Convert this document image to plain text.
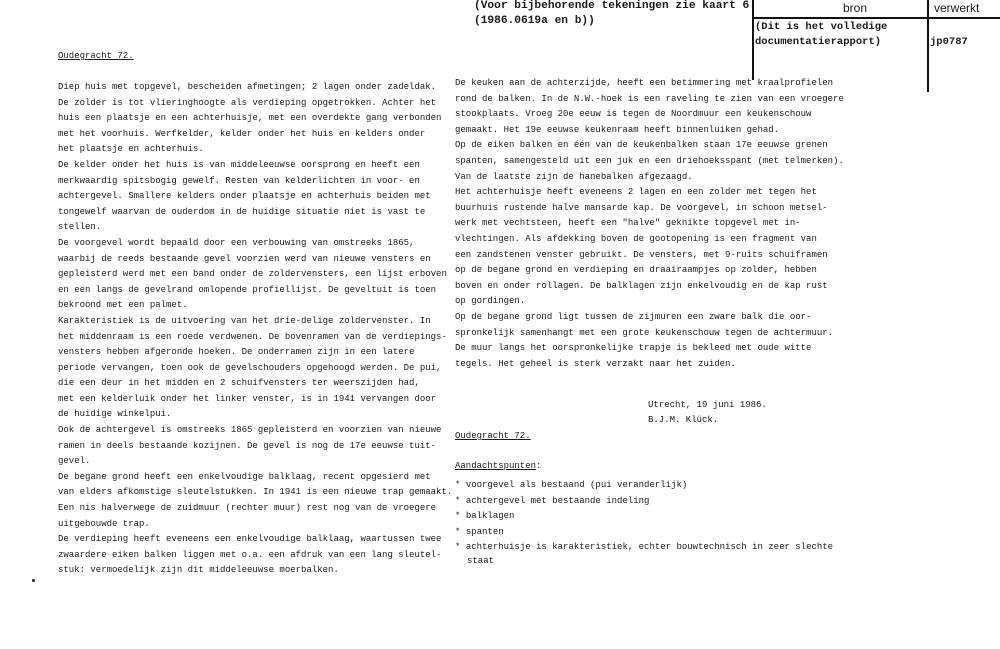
(Voor bijbehorende tekeningen zie kaart 6
(1986.0619a en b))
bron	verwerkt
(Dit is het volledige
documentatierapport)	jp0787
Oudegracht 72.
Diep huis met topgevel, bescheiden afmetingen; 2 lagen onder zadeldak.
De zolder is tot vlieringhoogte als verdieping opgetrokken. Achter het
huis een plaatsje en een achterhuisje, met een overdekte gang verbonden
met het voorhuis. Werfkelder, kelder onder het huis en kelders onder
het plaatsje en achterhuis.
De kelder onder het huis is van middeleeuwse oorsprong en heeft een
merkwaardig spitsbogig gewelf. Resten van kelderlichten in voor- en
achtergevel. Smallere kelders onder plaatsje en achterhuis beiden met
tongewelf waarvan de ouderdom in de huidige situatie niet is vast te
stellen.
De voorgevel wordt bepaald door een verbouwing van omstreeks 1865,
waarbij de reeds bestaande gevel voorzien werd van nieuwe vensters en
gepleisterd werd met een band onder de zoldervensters, een lijst erboven
en een langs de gevelrand omlopende profiellijst. De geveltuit is toen
bekroond met een palmet.
Karakteristiek is de uitvoering van het drie-delige zoldervenster. In
het middenraam is een roede verdwenen. De bovenramen van de verdiepings-
vensters hebben afgeronde hoeken. De onderramen zijn in een latere
periode vervangen, toen ook de gevelschouders opgehoogd werden. De pui,
die een deur in het midden en 2 schuifvensters ter weerszijden had,
met een kelderluik onder het linker venster, is in 1941 vervangen door
de huidige winkelpui.
Ook de achtergevel is omstreeks 1865 gepleisterd en voorzien van nieuwe
ramen in deels bestaande kozijnen. De gevel is nog de 17e eeuwse tuit-
gevel.
De begane grond heeft een enkelvoudige balklaag, recent opgesierd met
van elders afkomstige sleutelstukken. In 1941 is een nieuwe trap gemaakt.
Een nis halverwege de zuidmuur (rechter muur) rest nog van de vroegere
uitgebouwde trap.
De verdieping heeft eveneens een enkelvoudige balklaag, waartussen twee
zwaardere eiken balken liggen met o.a. een afdruk van een lang sleutel-
stuk: vermoedelijk zijn dit middeleeuwse moerbalken.
De keuken aan de achterzijde, heeft een betimmering met kraalprofielen
rond de balken. In de N.W.-hoek is een raveling te zien van een vroegere
stookplaats. Vroeg 20e eeuw is tegen de Noordmuur een keukenschouw
gemaakt. Het 19e eeuwse keukenraam heeft binnenluiken gehad.
Op de eiken balken en één van de keukenbalken staan 17e eeuwse grenen
spanten, samengesteld uit een juk en een driehoeksspant (met telmerken).
Van de laatste zijn de hanebalken afgezaagd.
Het achterhuisje heeft eveneens 2 lagen en een zolder met tegen het
buurhuis rustende halve mansarde kap. De voorgevel, in schoon metsel-
werk met vechtsteen, heeft een "halve" geknikte topgevel met in-
vlechtingen. Als afdekking boven de gootopening is een fragment van
een zandstenen venster gebruikt. De vensters, met 9-ruits schuiframen
op de begane grond en verdieping en draairaampjes op zolder, hebben
boven en onder rollagen. De balklagen zijn enkelvoudig en de kap rust
op gordingen.
Op de begane grond ligt tussen de zijmuren een zware balk die oor-
spronkelijk samenhangt met een grote keukenschouw tegen de achtermuur.
De muur langs het oorspronkelijke trapje is bekleed met oude witte
tegels. Het geheel is sterk verzakt naar het zuiden.
Utrecht, 19 juni 1986.
B.J.M. Klück.
Oudegracht 72.
Aandachtspunten:
* voorgevel als bestaand (pui veranderlijk)
* achtergevel met bestaande indeling
* balklagen
* spanten
* achterhuisje is karakteristiek, echter bouwtechnisch in zeer slechte
staat
